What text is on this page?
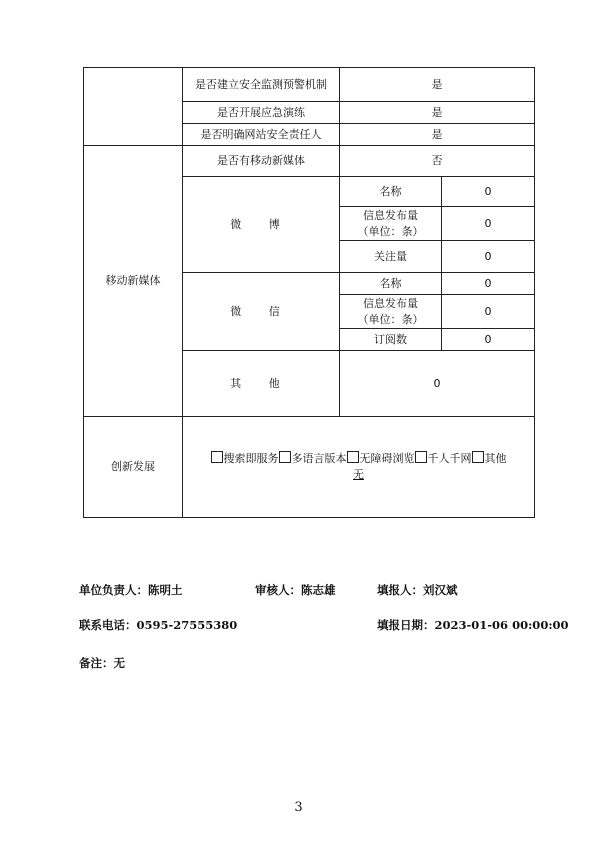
	是否建立安全监测预警机制	是	
	是否开展应急演练	是	
	是否明确网站安全责任人	是	
移动新媒体	是否有移动新媒体	否	
	微 博	名称	0
		信息发布量
（单位：条）	0
		关注量	0
	微 信	名称	0
		信息发布量
（单位：条）	0
		订阅数	0
	其 他	0	
创新发展	搜索即服务 多语言版本 无障碍浏览 千人千网 其他
无		
单位负责人：陈明土	审核人：陈志雄	填报人：刘汉斌
联系电话：0595-27555380	填报日期：2023-01-06 00:00:00
备注：无
3
